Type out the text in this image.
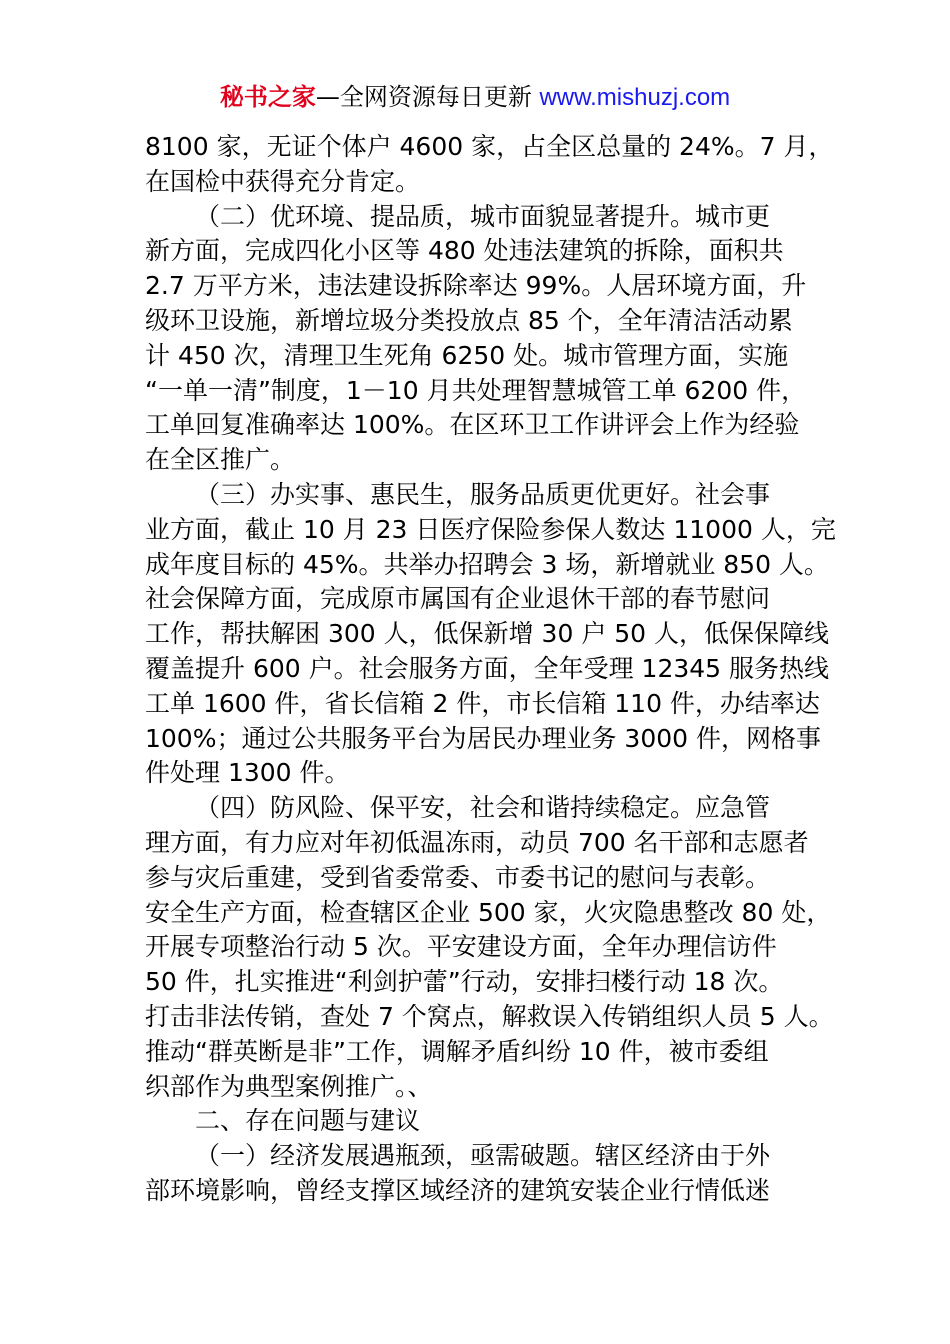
秘书之家—全网资源每日更新 www.mishuzj.com
8100 家，无证个体户 4600 家，占全区总量的 24%。7 月，
在国检中获得充分肯定。
（二）优环境、提品质，城市面貌显著提升。城市更
新方面，完成四化小区等 480 处违法建筑的拆除，面积共
2.7 万平方米，违法建设拆除率达 99%。人居环境方面，升
级环卫设施，新增垃圾分类投放点 85 个，全年清洁活动累
计 450 次，清理卫生死角 6250 处。城市管理方面，实施
“一单一清”制度，1－10 月共处理智慧城管工单 6200 件，
工单回复准确率达 100%。在区环卫工作讲评会上作为经验
在全区推广。
（三）办实事、惠民生，服务品质更优更好。社会事
业方面，截止 10 月 23 日医疗保险参保人数达 11000 人，完
成年度目标的 45%。共举办招聘会 3 场，新增就业 850 人。
社会保障方面，完成原市属国有企业退休干部的春节慰问
工作，帮扶解困 300 人，低保新增 30 户 50 人，低保保障线
覆盖提升 600 户。社会服务方面，全年受理 12345 服务热线
工单 1600 件，省长信箱 2 件，市长信箱 110 件，办结率达
100%；通过公共服务平台为居民办理业务 3000 件，网格事
件处理 1300 件。
（四）防风险、保平安，社会和谐持续稳定。应急管
理方面，有力应对年初低温冻雨，动员 700 名干部和志愿者
参与灾后重建，受到省委常委、市委书记的慰问与表彰。
安全生产方面，检查辖区企业 500 家，火灾隐患整改 80 处，
开展专项整治行动 5 次。平安建设方面，全年办理信访件
50 件，扎实推进“利剑护蕾”行动，安排扫楼行动 18 次。
打击非法传销，查处 7 个窝点，解救误入传销组织人员 5 人。
推动“群英断是非”工作，调解矛盾纠纷 10 件，被市委组
织部作为典型案例推广。、
二、存在问题与建议
（一）经济发展遇瓶颈，亟需破题。辖区经济由于外
部环境影响，曾经支撑区域经济的建筑安装企业行情低迷
